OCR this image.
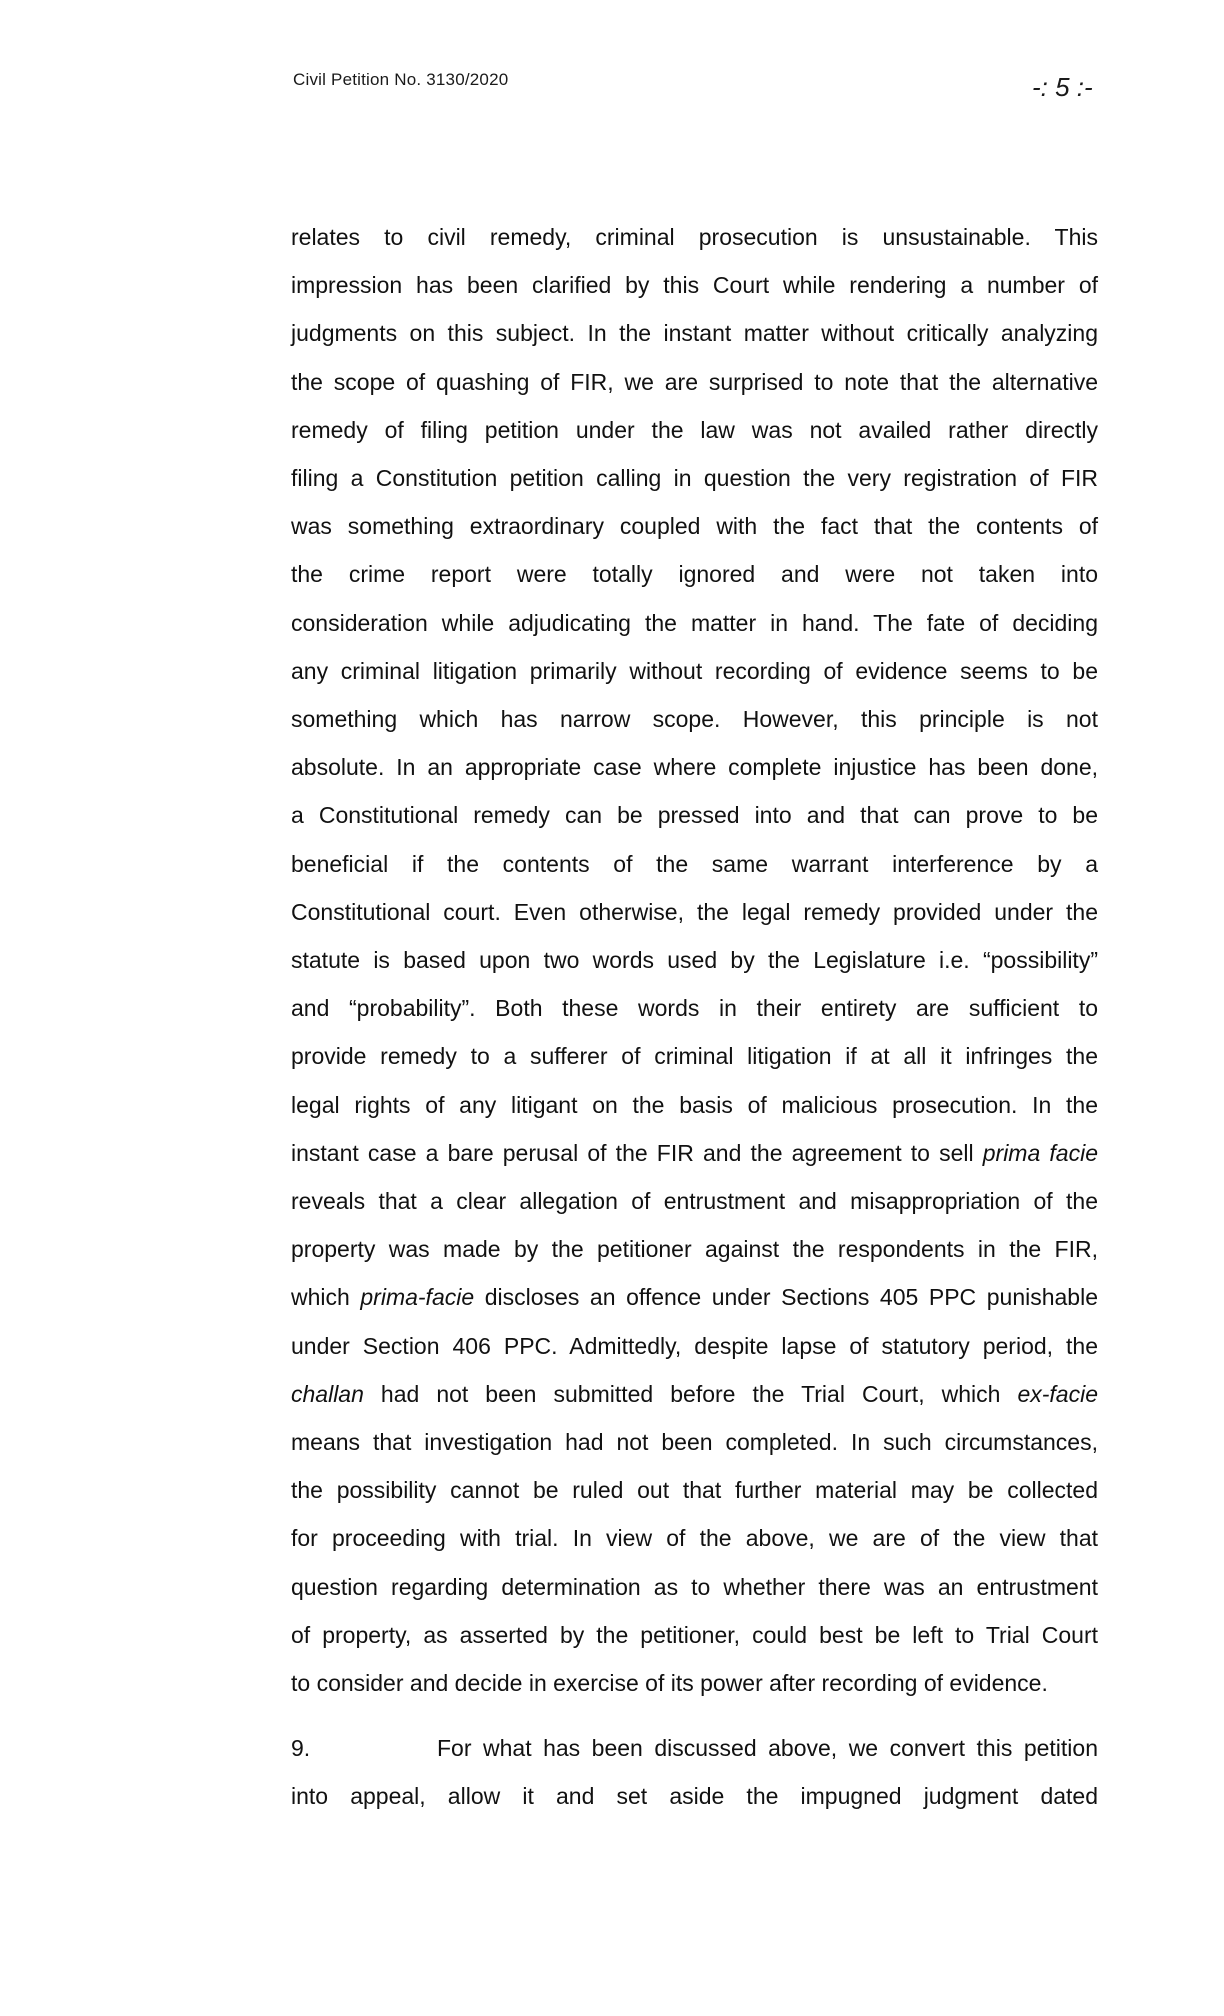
Civil Petition No. 3130/2020	-: 5 :-
relates to civil remedy, criminal prosecution is unsustainable. This
impression has been clarified by this Court while rendering a number of
judgments on this subject. In the instant matter without critically analyzing
the scope of quashing of FIR, we are surprised to note that the alternative
remedy of filing petition under the law was not availed rather directly
filing a Constitution petition calling in question the very registration of FIR
was something extraordinary coupled with the fact that the contents of
the crime report were totally ignored and were not taken into
consideration while adjudicating the matter in hand. The fate of deciding
any criminal litigation primarily without recording of evidence seems to be
something which has narrow scope. However, this principle is not
absolute. In an appropriate case where complete injustice has been done,
a Constitutional remedy can be pressed into and that can prove to be
beneficial if the contents of the same warrant interference by a
Constitutional court. Even otherwise, the legal remedy provided under the
statute is based upon two words used by the Legislature i.e. “possibility”
and “probability”. Both these words in their entirety are sufficient to
provide remedy to a sufferer of criminal litigation if at all it infringes the
legal rights of any litigant on the basis of malicious prosecution. In the
instant case a bare perusal of the FIR and the agreement to sell prima facie
reveals that a clear allegation of entrustment and misappropriation of the
property was made by the petitioner against the respondents in the FIR,
which prima-facie discloses an offence under Sections 405 PPC punishable
under Section 406 PPC. Admittedly, despite lapse of statutory period, the
challan had not been submitted before the Trial Court, which ex-facie
means that investigation had not been completed. In such circumstances,
the possibility cannot be ruled out that further material may be collected
for proceeding with trial. In view of the above, we are of the view that
question regarding determination as to whether there was an entrustment
of property, as asserted by the petitioner, could best be left to Trial Court
to consider and decide in exercise of its power after recording of evidence.
9.	For what has been discussed above, we convert this petition
into appeal, allow it and set aside the impugned judgment dated
